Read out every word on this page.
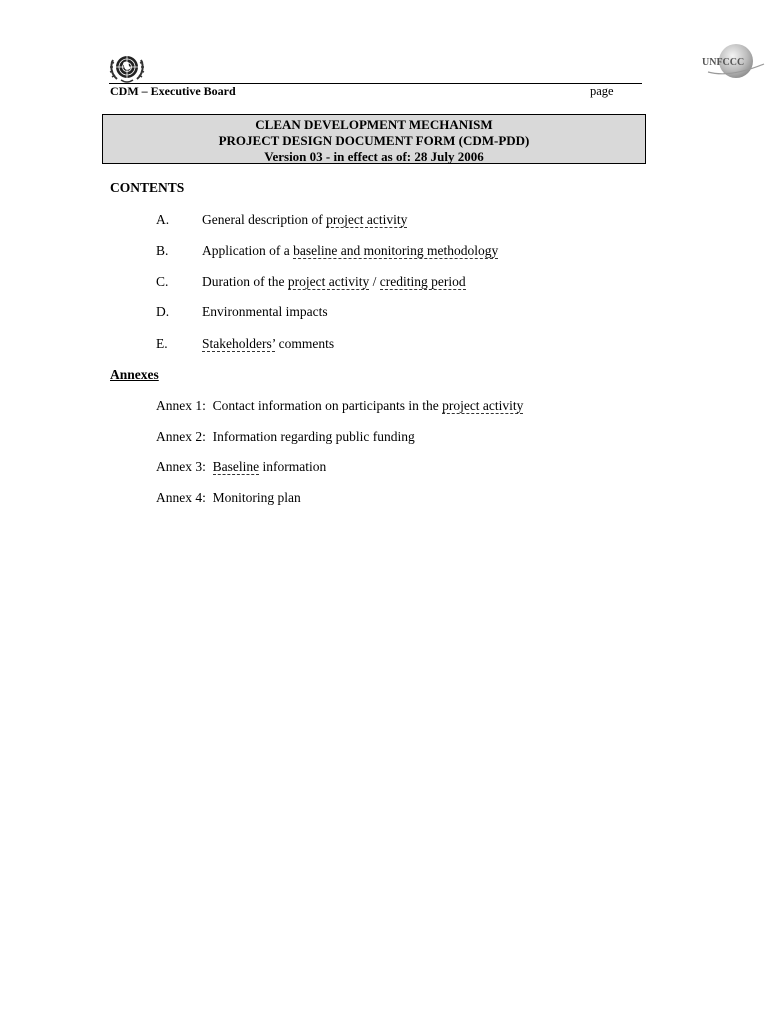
UNFCCC
CDM – Executive Board	page
CLEAN DEVELOPMENT MECHANISM
PROJECT DESIGN DOCUMENT FORM (CDM-PDD)
Version 03 - in effect as of: 28 July 2006
CONTENTS
A. General description of project activity
B. Application of a baseline and monitoring methodology
C. Duration of the project activity / crediting period
D. Environmental impacts
E.	Stakeholders’ comments
Annexes
Annex 1: Contact information on participants in the project activity
Annex 2: Information regarding public funding
Annex 3: Baseline information
Annex 4: Monitoring plan
